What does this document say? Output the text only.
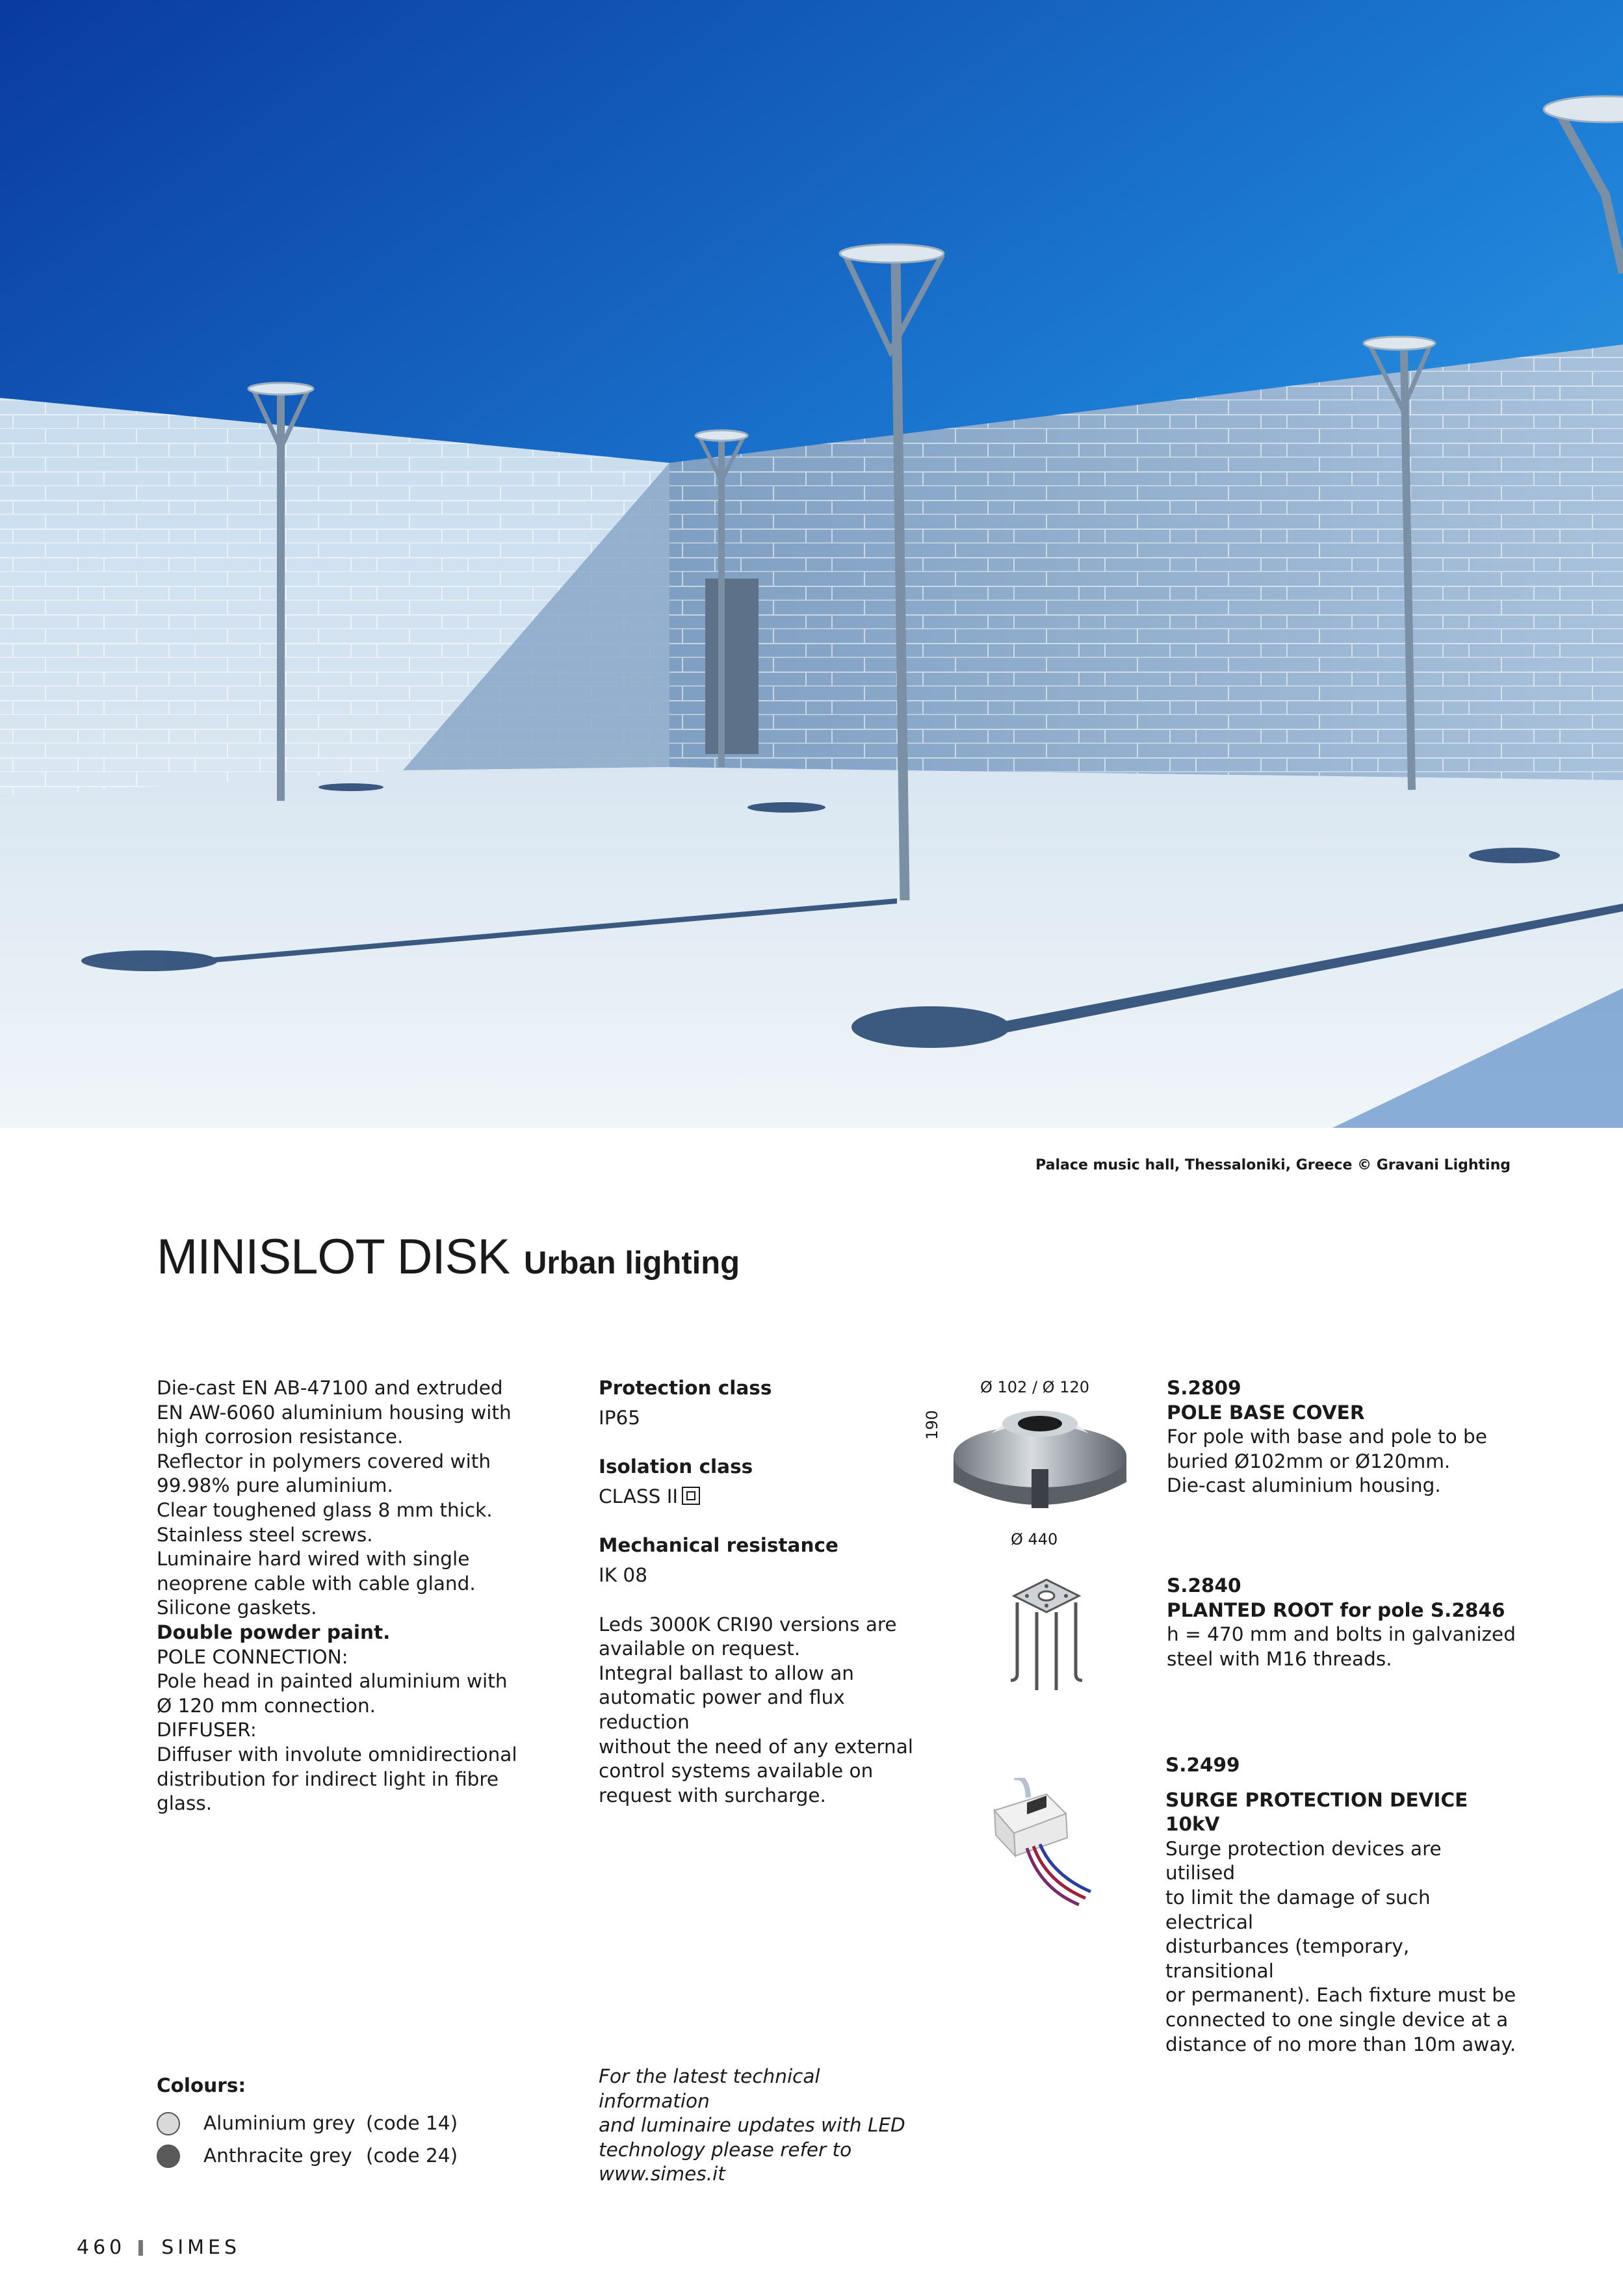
Palace music hall, Thessaloniki, Greece © Gravani Lighting
MINISLOT DISK Urban lighting

Die-cast EN AB-47100 and extruded

EN AW-6060 aluminium housing with

high corrosion resistance.

Reflector in polymers covered with

99.98% pure aluminium.

Clear toughened glass 8 mm thick.

Stainless steel screws.

Luminaire hard wired with single

neoprene cable with cable gland.

Silicone gaskets.

Double powder paint.

POLE CONNECTION:

Pole head in painted aluminium with

Ø 120 mm connection.

DIFFUSER:

Diffuser with involute omnidirectional

distribution for indirect light in fibre

glass.

Protection class

IP65

Isolation class

CLASS II

Mechanical resistance

IK 08

Leds 3000K CRI90 versions are

available on request.

Integral ballast to allow an

automatic power and flux reduction

without the need of any external

control systems available on

request with surcharge.

Ø 102 / Ø 120
190
Ø 440

S.2809

POLE BASE COVER

For pole with base and pole to be

buried Ø102mm or Ø120mm.

Die-cast aluminium housing.

S.2840

PLANTED ROOT for pole S.2846

h = 470 mm and bolts in galvanized

steel with M16 threads.

S.2499

SURGE PROTECTION DEVICE 10kV

Surge protection devices are utilised

to limit the damage of such electrical

disturbances (temporary, transitional

or permanent). Each fixture must be

connected to one single device at a

distance of no more than 10m away.

Colours:

Aluminium grey (code 14)
Anthracite grey (code 24)

For the latest technical information

and luminaire updates with LED

technology please refer to

www.simes.it

460 SIMES
